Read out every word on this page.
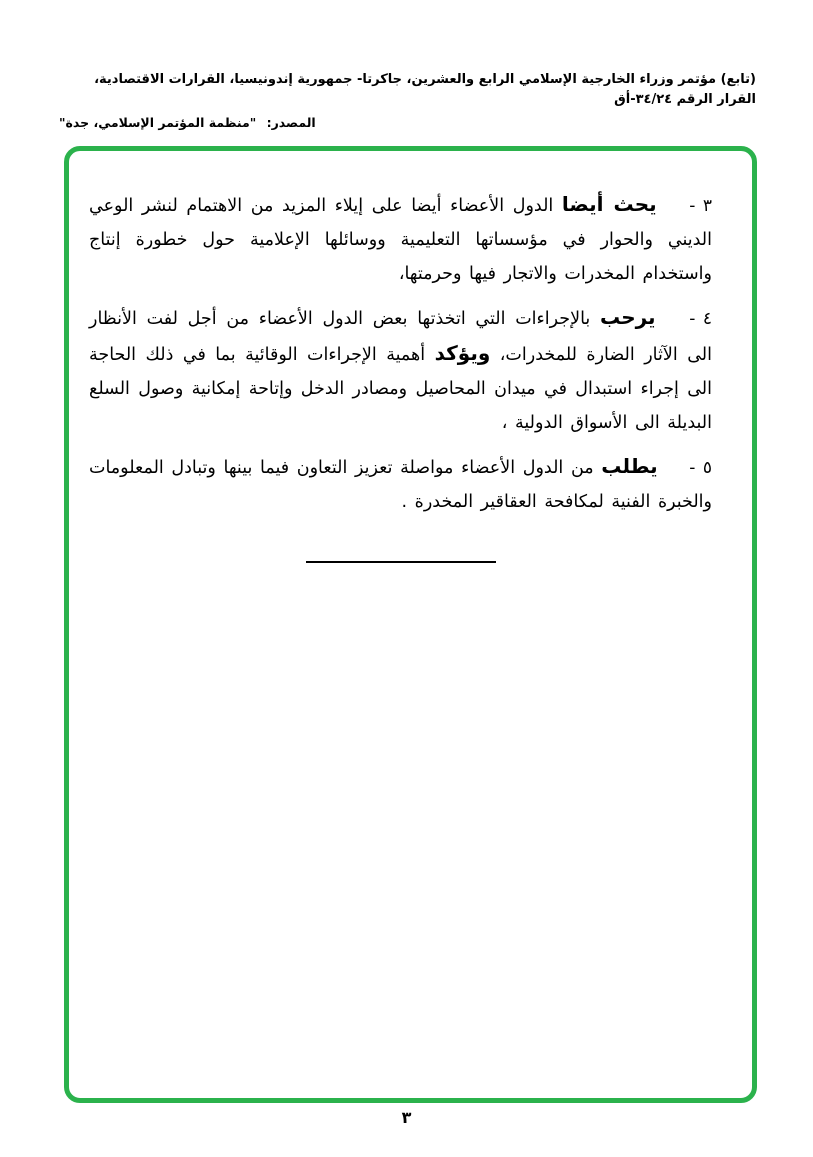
(تابع) مؤتمر وزراء الخارجية الإسلامي الرابع والعشرين، جاكرتا- جمهورية إندونيسيا، القرارات الاقتصادية، القرار الرقم ٣٤/٢٤-أق

المصدر: "منظمة المؤتمر الإسلامي، جدة"

٣ - يحث أيضا الدول الأعضاء أيضا على إيلاء المزيد من الاهتمام لنشر الوعي الديني والحوار في مؤسساتها التعليمية ووسائلها الإعلامية حول خطورة إنتاج واستخدام المخدرات والاتجار فيها وحرمتها،

٤ - يرحب بالإجراءات التي اتخذتها بعض الدول الأعضاء من أجل لفت الأنظار الى الآثار الضارة للمخدرات، ويؤكد أهمية الإجراءات الوقائية بما في ذلك الحاجة الى إجراء استبدال في ميدان المحاصيل ومصادر الدخل وإتاحة إمكانية وصول السلع البديلة الى الأسواق الدولية ،

٥ - يطلب من الدول الأعضاء مواصلة تعزيز التعاون فيما بينها وتبادل المعلومات والخبرة الفنية لمكافحة العقاقير المخدرة .

٣
